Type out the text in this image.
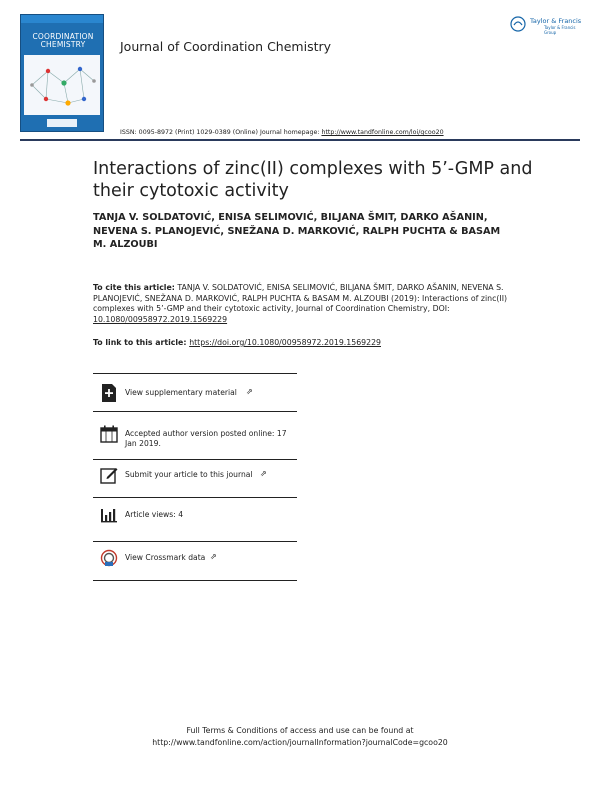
COORDINATION
CHEMISTRY	Journal of Coordination Chemistry
Taylor & Francis
Taylor & Francis Group
ISSN: 0095-8972 (Print) 1029-0389 (Online) Journal homepage: http://www.tandfonline.com/loi/gcoo20
Interactions of zinc(II) complexes with 5’-GMP and their cytotoxic activity
TANJA V. SOLDATOVIĆ, ENISA SELIMOVIĆ, BILJANA ŠMIT, DARKO AŠANIN, NEVENA S. PLANOJEVIĆ, SNEŽANA D. MARKOVIĆ, RALPH PUCHTA & BASAM M. ALZOUBI
To cite this article: TANJA V. SOLDATOVIĆ, ENISA SELIMOVIĆ, BILJANA ŠMIT, DARKO AŠANIN, NEVENA S. PLANOJEVIĆ, SNEŽANA D. MARKOVIĆ, RALPH PUCHTA & BASAM M. ALZOUBI (2019): Interactions of zinc(II) complexes with 5’-GMP and their cytotoxic activity, Journal of Coordination Chemistry, DOI: 10.1080/00958972.2019.1569229
To link to this article: https://doi.org/10.1080/00958972.2019.1569229
View supplementary material	⇗
Accepted author version posted online: 17 Jan 2019.
Submit your article to this journal ⇗
Article views: 4
View Crossmark data ⇗
Full Terms & Conditions of access and use can be found at
http://www.tandfonline.com/action/journalInformation?journalCode=gcoo20
